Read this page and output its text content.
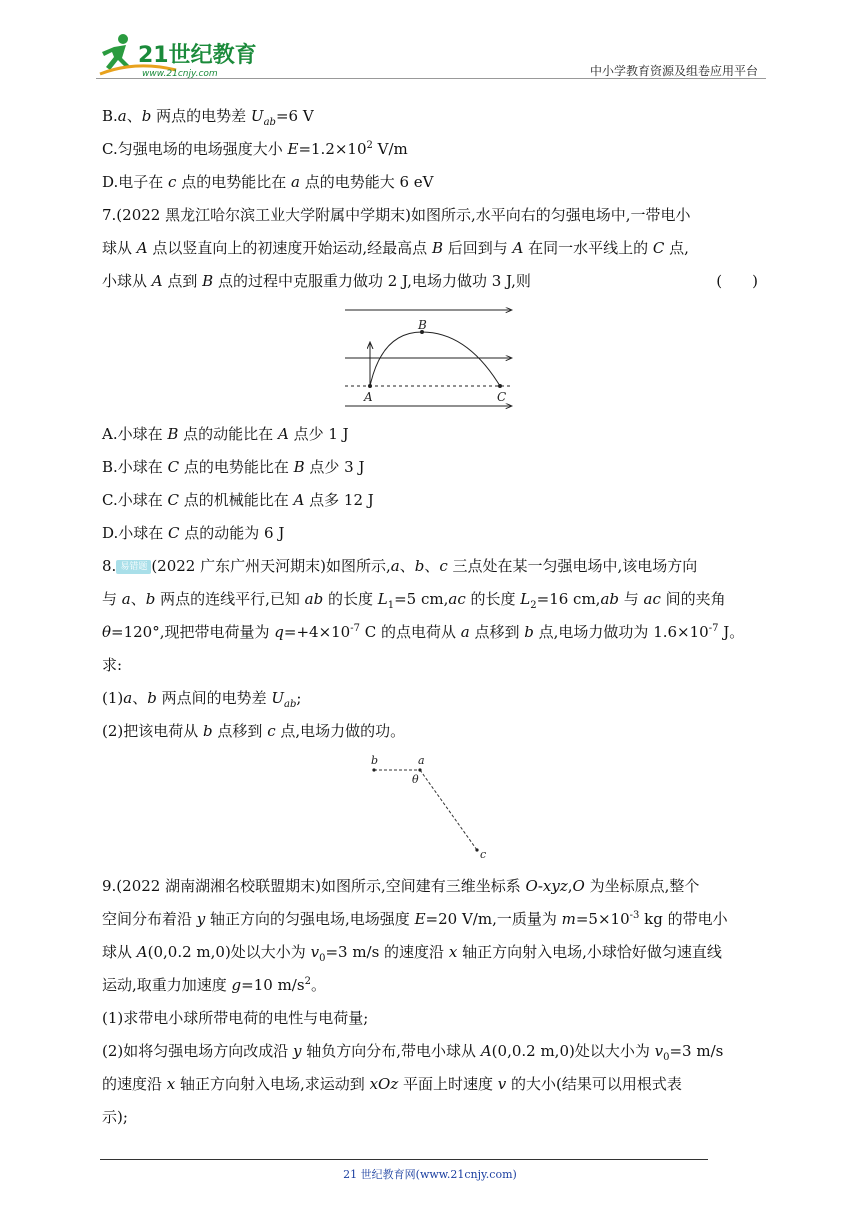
21世纪教育
www.21cnjy.com	中小学教育资源及组卷应用平台
B.a、b 两点的电势差 $U_{ab}=6$ V
C.匀强电场的电场强度大小 $E=1.2\times 10^2$ V/m
D.电子在 c 点的电势能比在 a 点的电势能大 6 eV
7.(2022 黑龙江哈尔滨工业大学附属中学期末)如图所示,水平向右的匀强电场中,一带电小
球从 A 点以竖直向上的初速度开始运动,经最高点 B 后回到与 A 在同一水平线上的 C 点,
小球从 A 点到 B 点的过程中克服重力做功 2 J,电场力做功 3 J,则	(　　)
A
B
C
A.小球在 B 点的动能比在 A 点少 1 J
B.小球在 C 点的电势能比在 B 点少 3 J
C.小球在 C 点的机械能比在 A 点多 12 J
D.小球在 C 点的动能为 6 J
8. 易错题 (2022 广东广州天河期末)如图所示,a、b、c 三点处在某一匀强电场中,该电场方向
与 a、b 两点的连线平行,已知 ab 的长度 $L_1=5$ cm,ac 的长度 $L_2=16$ cm,ab 与 ac 间的夹角
θ=120°,现把带电荷量为 $q=+4\times 10^{-7}$ C 的点电荷从 a 点移到 b 点,电场力做功为 $1.6\times 10^{-7}$ J。
求:
(1)a、b 两点间的电势差 $U_{ab}$;
(2)把该电荷从 b 点移到 c 点,电场力做的功。
b	a
c
θ
9.(2022 湖南湖湘名校联盟期末)如图所示,空间建有三维坐标系 O-xyz,O 为坐标原点,整个
空间分布着沿 y 轴正方向的匀强电场,电场强度 E=20 V/m,一质量为 $m=5\times 10^{-3}$ kg 的带电小
球从 A(0,0.2 m,0)处以大小为 $v_0=3$ m/s 的速度沿 x 轴正方向射入电场,小球恰好做匀速直线
运动,取重力加速度 g=10 $m/s^2$。
(1)求带电小球所带电荷的电性与电荷量;
(2)如将匀强电场方向改成沿 y 轴负方向分布,带电小球从 A(0,0.2 m,0)处以大小为 $v_0=3$ m/s
的速度沿 x 轴正方向射入电场,求运动到 xOz 平面上时速度 v 的大小(结果可以用根式表
示);
21 世纪教育网(www.21cnjy.com)
